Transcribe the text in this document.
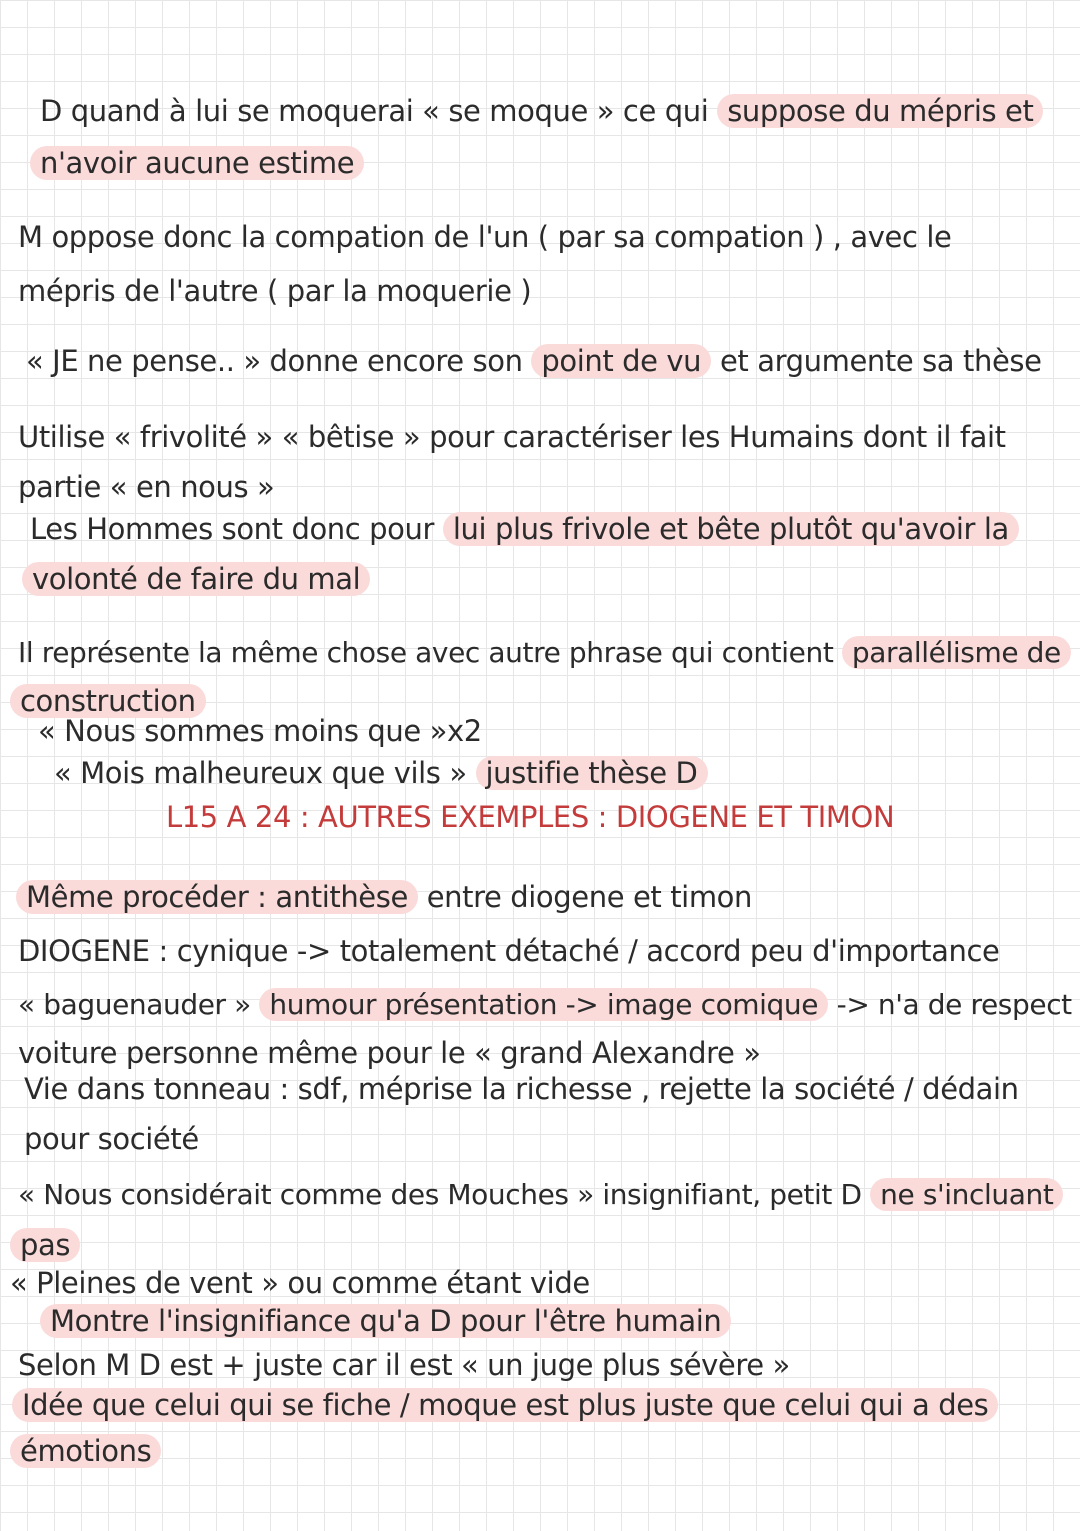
D quand à lui se moquerai « se moque » ce qui suppose du mépris et
n'avoir aucune estime
M oppose donc la compation de l'un ( par sa compation ) , avec le
mépris de l'autre ( par la moquerie )
« JE ne pense.. » donne encore son point de vu et argumente sa thèse
Utilise « frivolité » « bêtise » pour caractériser les Humains dont il fait
partie « en nous »
Les Hommes sont donc pour lui plus frivole et bête plutôt qu'avoir la
volonté de faire du mal
Il représente la même chose avec autre phrase qui contient parallélisme de
construction
« Nous sommes moins que »x2
« Mois malheureux que vils » justifie thèse D
L15 A 24 : AUTRES EXEMPLES : DIOGENE ET TIMON
Même procéder : antithèse entre diogene et timon
DIOGENE : cynique -> totalement détaché / accord peu d'importance
« baguenauder » humour présentation -> image comique -> n'a de respect
voiture personne même pour le « grand Alexandre »
Vie dans tonneau : sdf, méprise la richesse , rejette la société / dédain
pour société
« Nous considérait comme des Mouches » insignifiant, petit D ne s'incluant
pas
« Pleines de vent » ou comme étant vide
Montre l'insignifiance qu'a D pour l'être humain
Selon M D est + juste car il est « un juge plus sévère »
Idée que celui qui se fiche / moque est plus juste que celui qui a des
émotions
